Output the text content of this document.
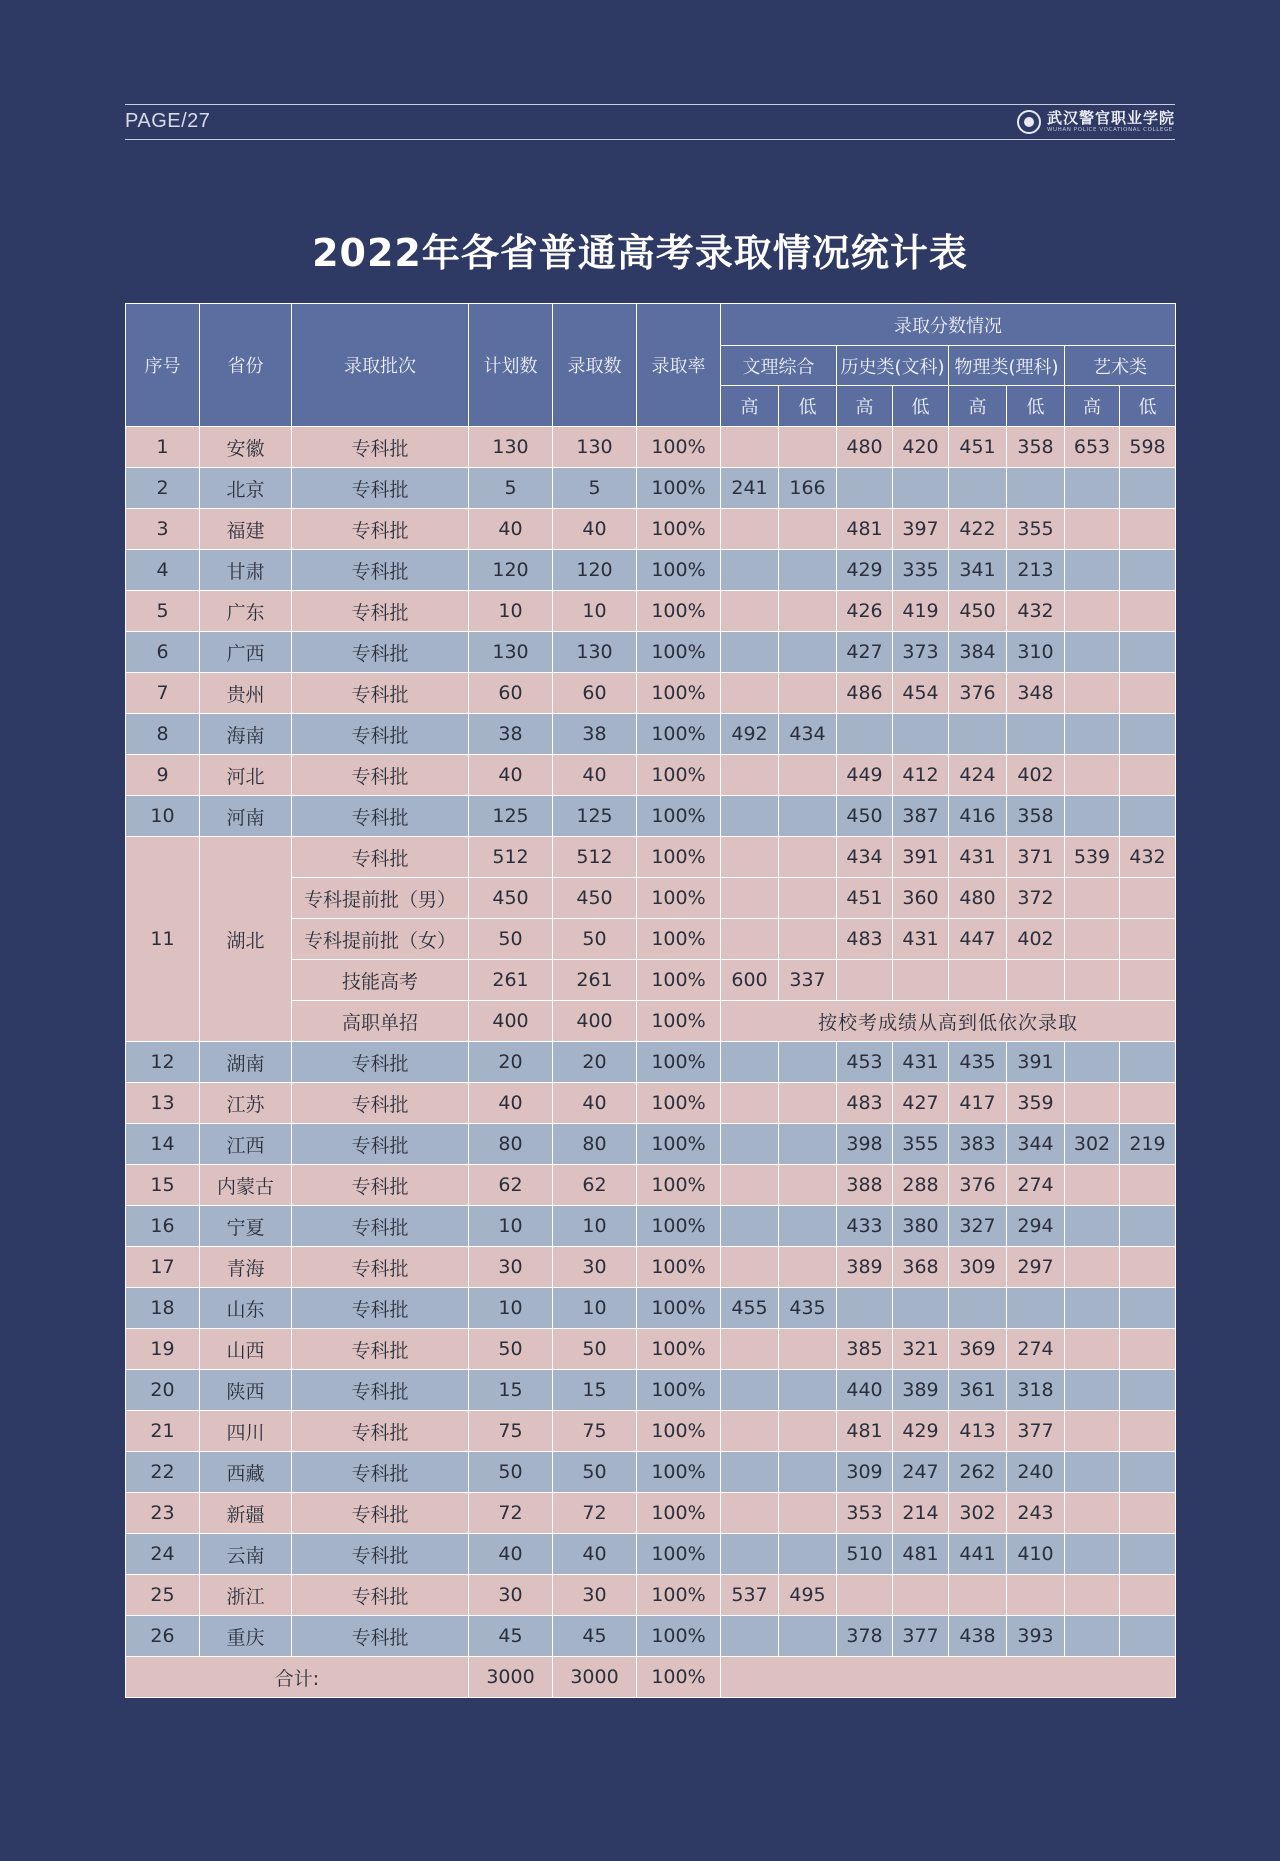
PAGE/27	武汉警官职业学院
WUHAN POLICE VOCATIONAL COLLEGE
2022年各省普通高考录取情况统计表
序号	省份	录取批次	计划数	录取数	录取率	录取分数情况							
						文理综合		历史类(文科)		物理类(理科)		艺术类	
						高	低	高	低	高	低	高	低
1	安徽	专科批	130	130	100%			480	420	451	358	653	598
2	北京	专科批	5	5	100%	241	166						
3	福建	专科批	40	40	100%			481	397	422	355		
4	甘肃	专科批	120	120	100%			429	335	341	213		
5	广东	专科批	10	10	100%			426	419	450	432		
6	广西	专科批	130	130	100%			427	373	384	310		
7	贵州	专科批	60	60	100%			486	454	376	348		
8	海南	专科批	38	38	100%	492	434						
9	河北	专科批	40	40	100%			449	412	424	402		
10	河南	专科批	125	125	100%			450	387	416	358		
11	湖北	专科批	512	512	100%			434	391	431	371	539	432
		专科提前批（男）	450	450	100%			451	360	480	372		
		专科提前批（女）	50	50	100%			483	431	447	402		
		技能高考	261	261	100%	600	337						
		高职单招	400	400	100%	按校考成绩从高到低依次录取							
12	湖南	专科批	20	20	100%			453	431	435	391		
13	江苏	专科批	40	40	100%			483	427	417	359		
14	江西	专科批	80	80	100%			398	355	383	344	302	219
15	内蒙古	专科批	62	62	100%			388	288	376	274		
16	宁夏	专科批	10	10	100%			433	380	327	294		
17	青海	专科批	30	30	100%			389	368	309	297		
18	山东	专科批	10	10	100%	455	435						
19	山西	专科批	50	50	100%			385	321	369	274		
20	陕西	专科批	15	15	100%			440	389	361	318		
21	四川	专科批	75	75	100%			481	429	413	377		
22	西藏	专科批	50	50	100%			309	247	262	240		
23	新疆	专科批	72	72	100%			353	214	302	243		
24	云南	专科批	40	40	100%			510	481	441	410		
25	浙江	专科批	30	30	100%	537	495						
26	重庆	专科批	45	45	100%			378	377	438	393		
合计:			3000	3000	100%								
